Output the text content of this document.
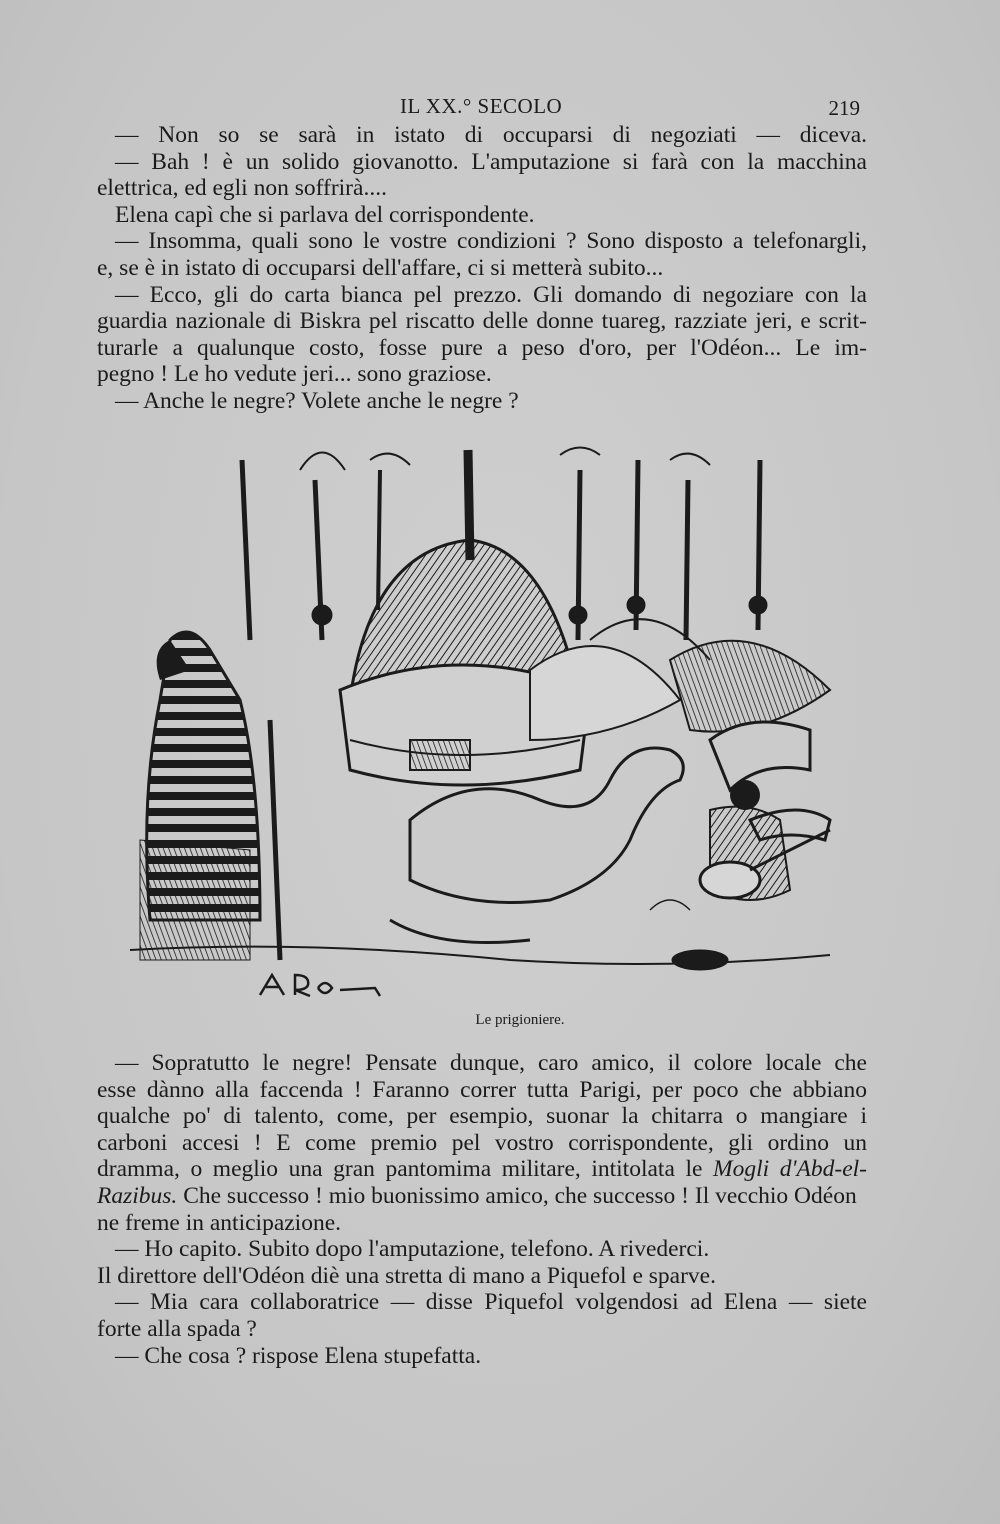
IL XX.° SECOLO	219
— Non so se sarà in istato di occuparsi di negoziati — diceva.
— Bah ! è un solido giovanotto. L'amputazione si farà con la macchina
elettrica, ed egli non soffrirà....
Elena capì che si parlava del corrispondente.
— Insomma, quali sono le vostre condizioni ? Sono disposto a telefonargli,
e, se è in istato di occuparsi dell'affare, ci si metterà subito...
— Ecco, gli do carta bianca pel prezzo. Gli domando di negoziare con la
guardia nazionale di Biskra pel riscatto delle donne tuareg, razziate jeri, e scrit-
turarle a qualunque costo, fosse pure a peso d'oro, per l'Odéon... Le im-
pegno ! Le ho vedute jeri... sono graziose.
— Anche le negre? Volete anche le negre ?
Le prigioniere.
— Sopratutto le negre! Pensate dunque, caro amico, il colore locale che
esse dànno alla faccenda ! Faranno correr tutta Parigi, per poco che abbiano
qualche po' di talento, come, per esempio, suonar la chitarra o mangiare i
carboni accesi ! E come premio pel vostro corrispondente, gli ordino un
dramma, o meglio una gran pantomima militare, intitolata le Mogli d'Abd-el-
Razibus. Che successo ! mio buonissimo amico, che successo ! Il vecchio Odéon
ne freme in anticipazione.
— Ho capito. Subito dopo l'amputazione, telefono. A rivederci.
Il direttore dell'Odéon diè una stretta di mano a Piquefol e sparve.
— Mia cara collaboratrice — disse Piquefol volgendosi ad Elena — siete
forte alla spada ?
— Che cosa ? rispose Elena stupefatta.
